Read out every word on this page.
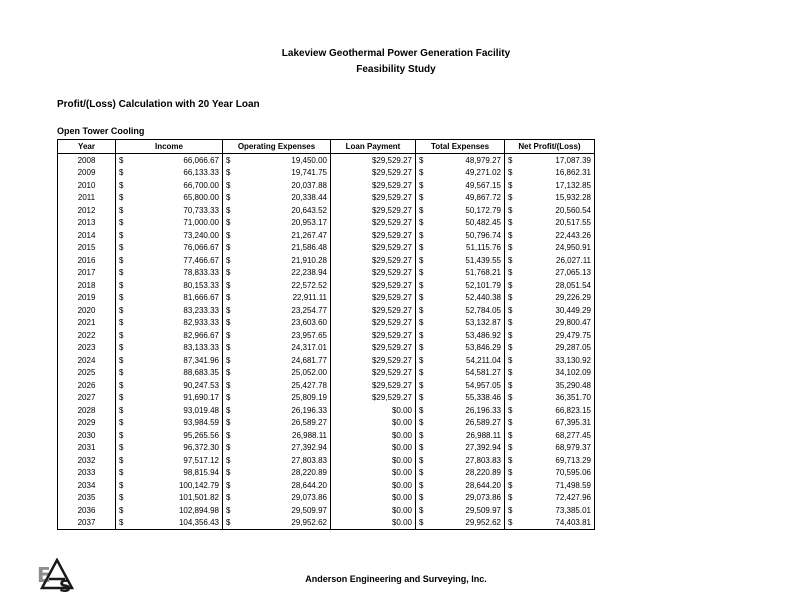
Lakeview Geothermal Power Generation Facility
Feasibility Study
Profit/(Loss) Calculation with 20 Year Loan
Open Tower Cooling
Year	Income	Operating Expenses	Loan Payment	Total Expenses	Net Profit/(Loss)
2008	$ 66,066.67	$ 19,450.00	$29,529.27	$ 48,979.27	$ 17,087.39

2009	$ 66,133.33	$ 19,741.75	$29,529.27	$ 49,271.02	$ 16,862.31

2010	$ 66,700.00	$ 20,037.88	$29,529.27	$ 49,567.15	$ 17,132.85

2011	$ 65,800.00	$ 20,338.44	$29,529.27	$ 49,867.72	$ 15,932.28

2012	$ 70,733.33	$ 20,643.52	$29,529.27	$ 50,172.79	$ 20,560.54

2013	$ 71,000.00	$ 20,953.17	$29,529.27	$ 50,482.45	$ 20,517.55

2014	$ 73,240.00	$ 21,267.47	$29,529.27	$ 50,796.74	$ 22,443.26

2015	$ 76,066.67	$ 21,586.48	$29,529.27	$ 51,115.76	$ 24,950.91

2016	$ 77,466.67	$ 21,910.28	$29,529.27	$ 51,439.55	$ 26,027.11

2017	$ 78,833.33	$ 22,238.94	$29,529.27	$ 51,768.21	$ 27,065.13

2018	$ 80,153.33	$ 22,572.52	$29,529.27	$ 52,101.79	$ 28,051.54

2019	$ 81,666.67	$ 22,911.11	$29,529.27	$ 52,440.38	$ 29,226.29

2020	$ 83,233.33	$ 23,254.77	$29,529.27	$ 52,784.05	$ 30,449.29

2021	$ 82,933.33	$ 23,603.60	$29,529.27	$ 53,132.87	$ 29,800.47

2022	$ 82,966.67	$ 23,957.65	$29,529.27	$ 53,486.92	$ 29,479.75

2023	$ 83,133.33	$ 24,317.01	$29,529.27	$ 53,846.29	$ 29,287.05

2024	$ 87,341.96	$ 24,681.77	$29,529.27	$ 54,211.04	$ 33,130.92

2025	$ 88,683.35	$ 25,052.00	$29,529.27	$ 54,581.27	$ 34,102.09

2026	$ 90,247.53	$ 25,427.78	$29,529.27	$ 54,957.05	$ 35,290.48

2027	$ 91,690.17	$ 25,809.19	$29,529.27	$ 55,338.46	$ 36,351.70

2028	$ 93,019.48	$ 26,196.33	$0.00	$ 26,196.33	$ 66,823.15

2029	$ 93,984.59	$ 26,589.27	$0.00	$ 26,589.27	$ 67,395.31

2030	$ 95,265.56	$ 26,988.11	$0.00	$ 26,988.11	$ 68,277.45

2031	$ 96,372.30	$ 27,392.94	$0.00	$ 27,392.94	$ 68,979.37

2032	$ 97,517.12	$ 27,803.83	$0.00	$ 27,803.83	$ 69,713.29

2033	$ 98,815.94	$ 28,220.89	$0.00	$ 28,220.89	$ 70,595.06

2034	$ 100,142.79	$ 28,644.20	$0.00	$ 28,644.20	$ 71,498.59

2035	$ 101,501.82	$ 29,073.86	$0.00	$ 29,073.86	$ 72,427.96

2036	$ 102,894.98	$ 29,509.97	$0.00	$ 29,509.97	$ 73,385.01

2037	$ 104,356.43	$ 29,952.62	$0.00	$ 29,952.62	$ 74,403.81
E S	Anderson Engineering and Surveying, Inc.
